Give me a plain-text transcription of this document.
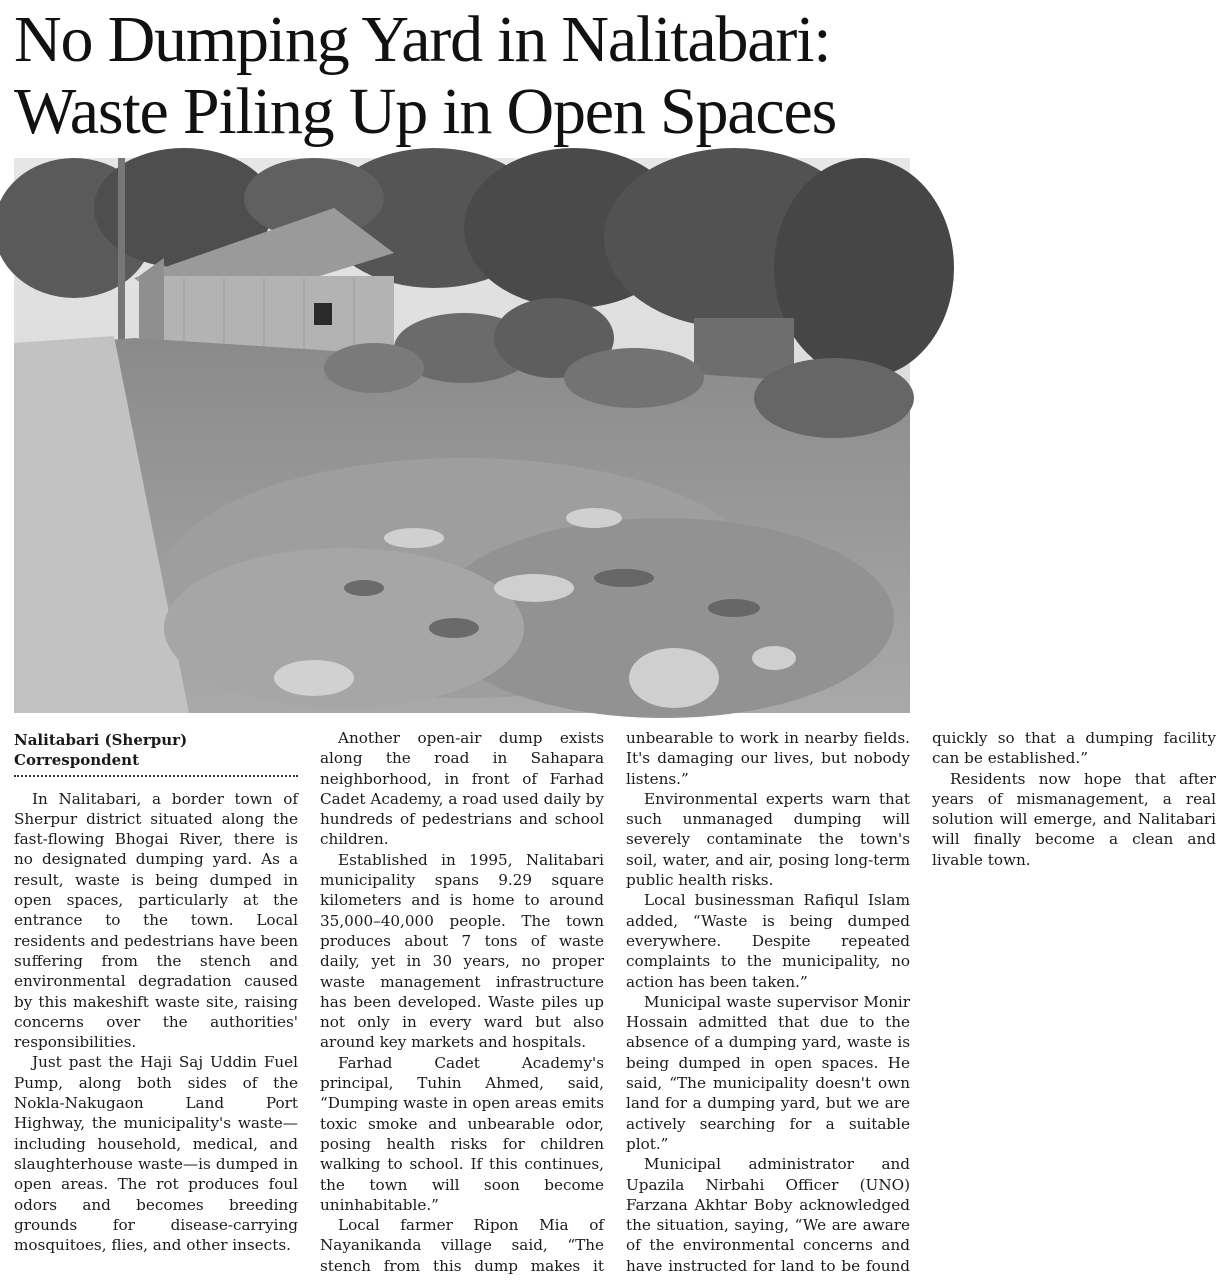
No Dumping Yard in Nalitabari:
Waste Piling Up in Open Spaces
Nalitabari (Sherpur) Correspondent

In Nalitabari, a border town of Sherpur district situated along the fast-flowing Bhogai River, there is no designated dumping yard. As a result, waste is being dumped in open spaces, particularly at the entrance to the town. Local residents and pedestrians have been suffering from the stench and environmental degradation caused by this makeshift waste site, raising concerns over the authorities' responsibilities.

Just past the Haji Saj Uddin Fuel Pump, along both sides of the Nokla-Nakugaon Land Port Highway, the municipality's waste—including household, medical, and slaughterhouse waste—is dumped in open areas. The rot produces foul odors and becomes breeding grounds for disease-carrying mosquitoes, flies, and other insects.

Another open-air dump exists along the road in Sahapara neighborhood, in front of Farhad Cadet Academy, a road used daily by hundreds of pedestrians and school children.

Established in 1995, Nalitabari municipality spans 9.29 square kilometers and is home to around 35,000–40,000 people. The town produces about 7 tons of waste daily, yet in 30 years, no proper waste management infrastructure has been developed. Waste piles up not only in every ward but also around key markets and hospitals.

Farhad Cadet Academy's principal, Tuhin Ahmed, said, “Dumping waste in open areas emits toxic smoke and unbearable odor, posing health risks for children walking to school. If this continues, the town will soon become uninhabitable.”

Local farmer Ripon Mia of Nayanikanda village said, “The stench from this dump makes it unbearable to work in nearby fields. It's damaging our lives, but nobody listens.”

Environmental experts warn that such unmanaged dumping will severely contaminate the town's soil, water, and air, posing long-term public health risks.

Local businessman Rafiqul Islam added, “Waste is being dumped everywhere. Despite repeated complaints to the municipality, no action has been taken.”

Municipal waste supervisor Monir Hossain admitted that due to the absence of a dumping yard, waste is being dumped in open spaces. He said, “The municipality doesn't own land for a dumping yard, but we are actively searching for a suitable plot.”

Municipal administrator and Upazila Nirbahi Officer (UNO) Farzana Akhtar Boby acknowledged the situation, saying, “We are aware of the environmental concerns and have instructed for land to be found quickly so that a dumping facility can be established.”

Residents now hope that after years of mismanagement, a real solution will emerge, and Nalitabari will finally become a clean and livable town.
